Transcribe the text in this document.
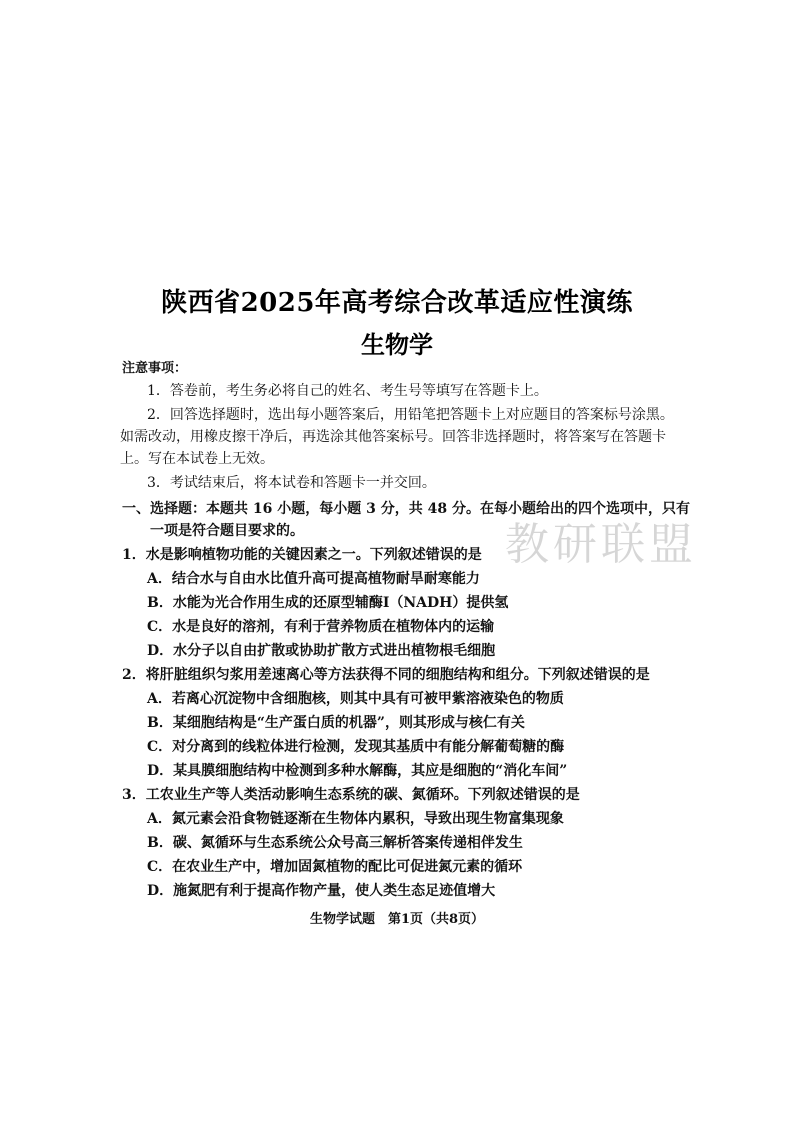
陕西省2025年高考综合改革适应性演练
生物学
注意事项：
1．答卷前，考生务必将自己的姓名、考生号等填写在答题卡上。
2．回答选择题时，选出每小题答案后，用铅笔把答题卡上对应题目的答案标号涂黑。
如需改动，用橡皮擦干净后，再选涂其他答案标号。回答非选择题时，将答案写在答题卡
上。写在本试卷上无效。
3．考试结束后，将本试卷和答题卡一并交回。
教研联盟
一、选择题：本题共 16 小题，每小题 3 分，共 48 分。在每小题给出的四个选项中，只有
一项是符合题目要求的。
1．水是影响植物功能的关键因素之一。下列叙述错误的是
A．结合水与自由水比值升高可提高植物耐旱耐寒能力
B．水能为光合作用生成的还原型辅酶I（NADH）提供氢
C．水是良好的溶剂，有利于营养物质在植物体内的运输
D．水分子以自由扩散或协助扩散方式进出植物根毛细胞
2．将肝脏组织匀浆用差速离心等方法获得不同的细胞结构和组分。下列叙述错误的是
A．若离心沉淀物中含细胞核，则其中具有可被甲紫溶液染色的物质
B．某细胞结构是“生产蛋白质的机器”，则其形成与核仁有关
C．对分离到的线粒体进行检测，发现其基质中有能分解葡萄糖的酶
D．某具膜细胞结构中检测到多种水解酶，其应是细胞的“消化车间”
3．工农业生产等人类活动影响生态系统的碳、氮循环。下列叙述错误的是
A．氮元素会沿食物链逐渐在生物体内累积，导致出现生物富集现象
B．碳、氮循环与生态系统公众号高三解析答案传递相伴发生
C．在农业生产中，增加固氮植物的配比可促进氮元素的循环
D．施氮肥有利于提高作物产量，使人类生态足迹值增大
生物学试题　第1页（共8页）
